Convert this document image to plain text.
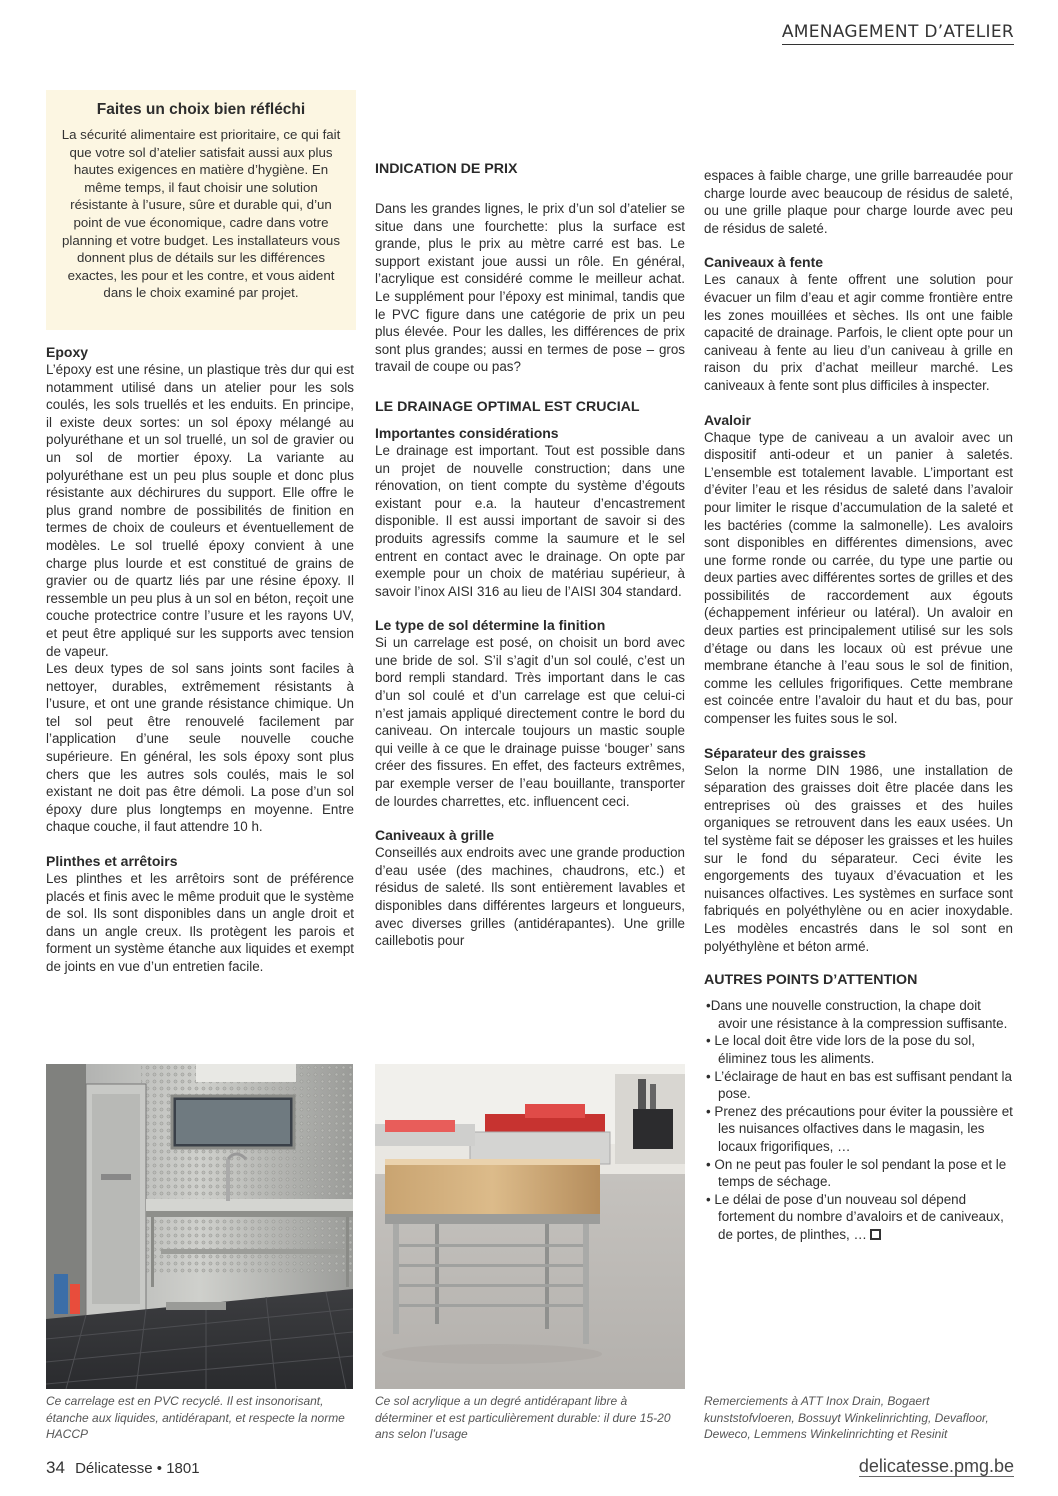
AMENAGEMENT D’ATELIER
Faites un choix bien réfléchi

La sécurité alimentaire est prioritaire, ce qui fait que votre sol d’atelier satisfait aussi aux plus hautes exigences en matière d’hygiène. En même temps, il faut choisir une solution résistante à l’usure, sûre et durable qui, d’un point de vue économique, cadre dans votre planning et votre budget. Les installateurs vous donnent plus de détails sur les différences exactes, les pour et les contre, et vous aident dans le choix examiné par projet.

Epoxy

L’époxy est une résine, un plastique très dur qui est notamment utilisé dans un atelier pour les sols coulés, les sols truellés et les enduits. En principe, il existe deux sortes: un sol époxy mélangé au polyuréthane et un sol truellé, un sol de gravier ou un sol de mortier époxy. La variante au polyuréthane est un peu plus souple et donc plus résistante aux déchirures du support. Elle offre le plus grand nombre de possibilités de finition en termes de choix de couleurs et éventuellement de modèles. Le sol truellé époxy convient à une charge plus lourde et est constitué de grains de gravier ou de quartz liés par une résine époxy. Il ressemble un peu plus à un sol en béton, reçoit une couche protectrice contre l’usure et les rayons UV, et peut être appliqué sur les supports avec tension de vapeur.

Les deux types de sol sans joints sont faciles à nettoyer, durables, extrêmement résistants à l’usure, et ont une grande résistance chimique. Un tel sol peut être renouvelé facilement par l’application d’une seule nouvelle couche supérieure. En général, les sols époxy sont plus chers que les autres sols coulés, mais le sol existant ne doit pas être démoli. La pose d’un sol époxy dure plus longtemps en moyenne. Entre chaque couche, il faut attendre 10 h.

Plinthes et arrêtoirs

Les plinthes et les arrêtoirs sont de préférence placés et finis avec le même produit que le système de sol. Ils sont disponibles dans un angle droit et dans un angle creux. Ils protègent les parois et forment un système étanche aux liquides et exempt de joints en vue d’un entretien facile.

INDICATION DE PRIX

Dans les grandes lignes, le prix d’un sol d’atelier se situe dans une fourchette: plus la surface est grande, plus le prix au mètre carré est bas. Le support existant joue aussi un rôle. En général, l’acrylique est considéré comme le meilleur achat. Le supplément pour l’époxy est minimal, tandis que le PVC figure dans une catégorie de prix un peu plus élevée. Pour les dalles, les différences de prix sont plus grandes; aussi en termes de pose – gros travail de coupe ou pas?

LE DRAINAGE OPTIMAL EST CRUCIAL
Importantes considérations

Le drainage est important. Tout est possible dans un projet de nouvelle construction; dans une rénovation, on tient compte du système d’égouts existant pour e.a. la hauteur d’encastrement disponible. Il est aussi important de savoir si des produits agressifs comme la saumure et le sel entrent en contact avec le drainage. On opte par exemple pour un choix de matériau supérieur, à savoir l’inox AISI 316 au lieu de l’AISI 304 standard.

Le type de sol détermine la finition

Si un carrelage est posé, on choisit un bord avec une bride de sol. S’il s’agit d’un sol coulé, c’est un bord rempli standard. Très important dans le cas d’un sol coulé et d’un carrelage est que celui-ci n’est jamais appliqué directement contre le bord du caniveau. On intercale toujours un mastic souple qui veille à ce que le drainage puisse ‘bouger’ sans créer des fissures. En effet, des facteurs extrêmes, par exemple verser de l’eau bouillante, transporter de lourdes charrettes, etc. influencent ceci.

Caniveaux à grille

Conseillés aux endroits avec une grande production d’eau usée (des machines, chaudrons, etc.) et résidus de saleté. Ils sont entièrement lavables et disponibles dans différentes largeurs et longueurs, avec diverses grilles (antidérapantes). Une grille caillebotis pour

espaces à faible charge, une grille barreaudée pour charge lourde avec beaucoup de résidus de saleté, ou une grille plaque pour charge lourde avec peu de résidus de saleté.

Caniveaux à fente

Les canaux à fente offrent une solution pour évacuer un film d’eau et agir comme frontière entre les zones mouillées et sèches. Ils ont une faible capacité de drainage. Parfois, le client opte pour un caniveau à fente au lieu d’un caniveau à grille en raison du prix d’achat meilleur marché. Les caniveaux à fente sont plus difficiles à inspecter.

Avaloir

Chaque type de caniveau a un avaloir avec un dispositif anti-odeur et un panier à saletés. L’ensemble est totalement lavable. L’important est d’éviter l’eau et les résidus de saleté dans l’avaloir pour limiter le risque d’accumulation de la saleté et les bactéries (comme la salmonelle). Les avaloirs sont disponibles en différentes dimensions, avec une forme ronde ou carrée, du type une partie ou deux parties avec différentes sortes de grilles et des possibilités de raccordement aux égouts (échappement inférieur ou latéral). Un avaloir en deux parties est principalement utilisé sur les sols d’étage ou dans les locaux où est prévue une membrane étanche à l’eau sous le sol de finition, comme les cellules frigorifiques. Cette membrane est coincée entre l’avaloir du haut et du bas, pour compenser les fuites sous le sol.

Séparateur des graisses

Selon la norme DIN 1986, une installation de séparation des graisses doit être placée dans les entreprises où des graisses et des huiles organiques se retrouvent dans les eaux usées. Un tel système fait se déposer les graisses et les huiles sur le fond du séparateur. Ceci évite les engorgements des tuyaux d’évacuation et les nuisances olfactives. Les systèmes en surface sont fabriqués en polyéthylène ou en acier inoxydable. Les modèles encastrés dans le sol sont en polyéthylène et béton armé.

AUTRES POINTS D’ATTENTION

•Dans une nouvelle construction, la chape doit avoir une résistance à la compression suffisante.

• Le local doit être vide lors de la pose du sol, éliminez tous les aliments.

• L’éclairage de haut en bas est suffisant pendant la pose.

• Prenez des précautions pour éviter la poussière et les nuisances olfactives dans le magasin, les locaux frigorifiques, …

• On ne peut pas fouler le sol pendant la pose et le temps de séchage.

• Le délai de pose d’un nouveau sol dépend fortement du nombre d’avaloirs et de caniveaux, de portes, de plinthes, …

Ce carrelage est en PVC recyclé. Il est insonorisant, étanche aux liquides, antidérapant, et respecte la norme HACCP
Ce sol acrylique a un degré antidérapant libre à déterminer et est particulièrement durable: il dure 15-20 ans selon l’usage
Remerciements à ATT Inox Drain, Bogaert kunststofvloeren, Bossuyt Winkelinrichting, Devafloor, Deweco, Lemmens Winkelinrichting et Resinit
34 Délicatesse • 1801	delicatesse.pmg.be
